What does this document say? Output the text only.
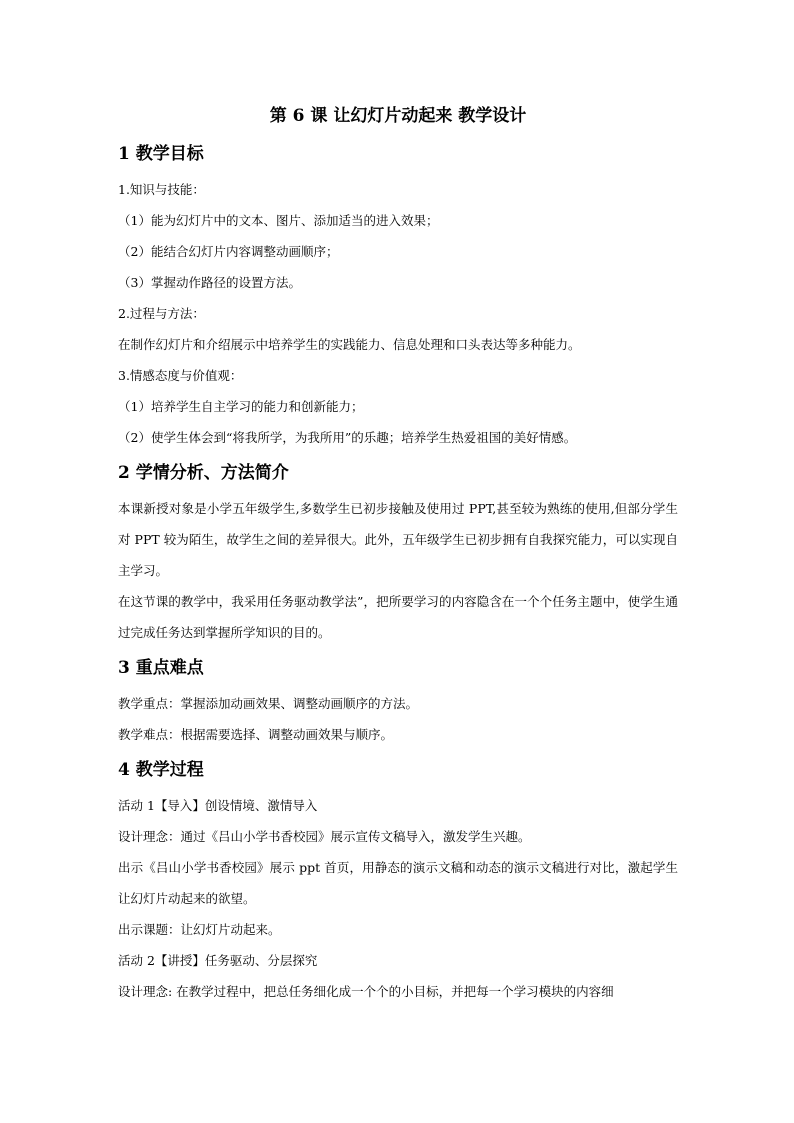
第 6 课 让幻灯片动起来 教学设计
1 教学目标

1.知识与技能：

（1）能为幻灯片中的文本、图片、添加适当的进入效果；

（2）能结合幻灯片内容调整动画顺序；

（3）掌握动作路径的设置方法。

2.过程与方法：

在制作幻灯片和介绍展示中培养学生的实践能力、信息处理和口头表达等多种能力。

3.情感态度与价值观：

（1）培养学生自主学习的能力和创新能力；

（2）使学生体会到“将我所学，为我所用”的乐趣；培养学生热爱祖国的美好情感。

2 学情分析、方法简介

本课新授对象是小学五年级学生,多数学生已初步接触及使用过 PPT,甚至较为熟练的使用,但部分学生对 PPT 较为陌生，故学生之间的差异很大。此外，五年级学生已初步拥有自我探究能力，可以实现自主学习。

在这节课的教学中，我采用任务驱动教学法”，把所要学习的内容隐含在一个个任务主题中，使学生通过完成任务达到掌握所学知识的目的。

3 重点难点

教学重点：掌握添加动画效果、调整动画顺序的方法。

教学难点：根据需要选择、调整动画效果与顺序。

4 教学过程

活动 1【导入】创设情境、激情导入

设计理念：通过《吕山小学书香校园》展示宣传文稿导入，激发学生兴趣。

出示《吕山小学书香校园》展示 ppt 首页，用静态的演示文稿和动态的演示文稿进行对比，激起学生让幻灯片动起来的欲望。

出示课题：让幻灯片动起来。

活动 2【讲授】任务驱动、分层探究

设计理念: 在教学过程中，把总任务细化成一个个的小目标，并把每一个学习模块的内容细
